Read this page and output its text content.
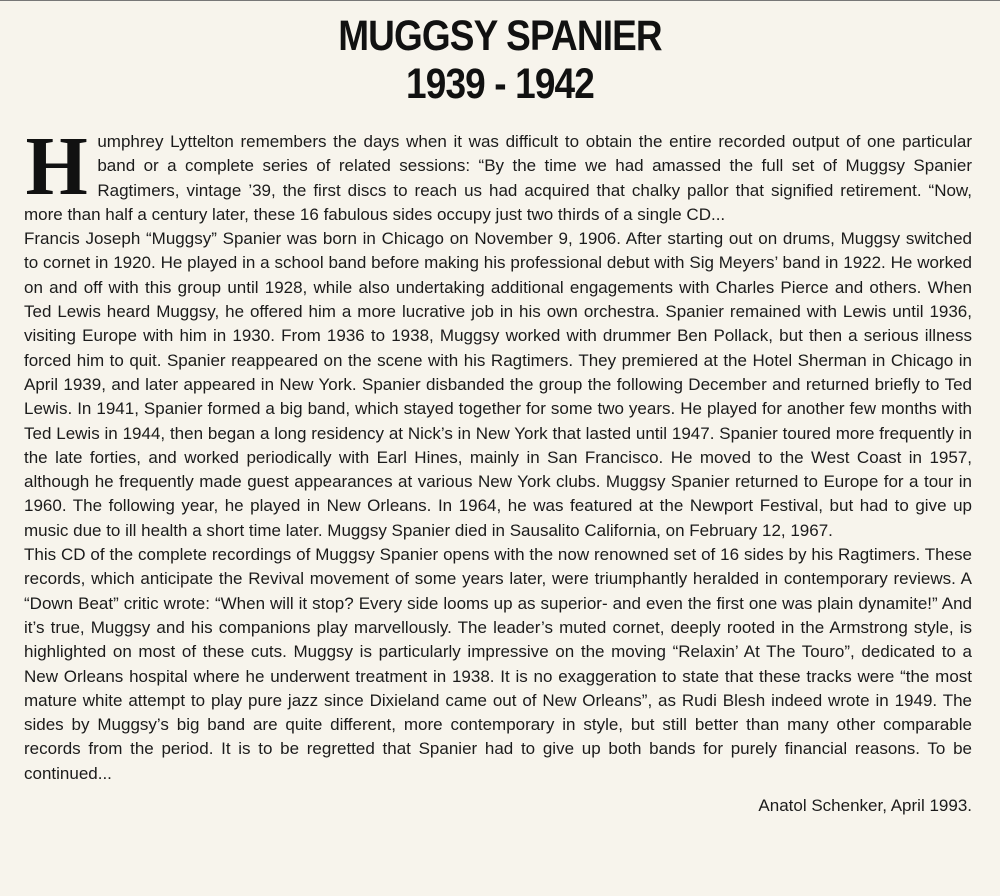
MUGGSY SPANIER
1939 - 1942

Humphrey Lyttelton remembers the days when it was difficult to obtain the entire recorded output of one particular band or a complete series of related sessions: “By the time we had amassed the full set of Muggsy Spanier Ragtimers, vintage ’39, the first discs to reach us had acquired that chalky pallor that signified retirement. “Now, more than half a century later, these 16 fabulous sides occupy just two thirds of a single CD...

Francis Joseph “Muggsy” Spanier was born in Chicago on November 9, 1906. After starting out on drums, Muggsy switched to cornet in 1920. He played in a school band before making his professional debut with Sig Meyers’ band in 1922. He worked on and off with this group until 1928, while also undertaking additional engagements with Charles Pierce and others. When Ted Lewis heard Muggsy, he offered him a more lucrative job in his own orchestra. Spanier remained with Lewis until 1936, visiting Europe with him in 1930. From 1936 to 1938, Muggsy worked with drummer Ben Pollack, but then a serious illness forced him to quit. Spanier reappeared on the scene with his Ragtimers. They premiered at the Hotel Sherman in Chicago in April 1939, and later appeared in New York. Spanier disbanded the group the following December and returned briefly to Ted Lewis. In 1941, Spanier formed a big band, which stayed together for some two years. He played for another few months with Ted Lewis in 1944, then began a long residency at Nick’s in New York that lasted until 1947. Spanier toured more frequently in the late forties, and worked periodically with Earl Hines, mainly in San Francisco. He moved to the West Coast in 1957, although he frequently made guest appearances at various New York clubs. Muggsy Spanier returned to Europe for a tour in 1960. The following year, he played in New Orleans. In 1964, he was featured at the Newport Festival, but had to give up music due to ill health a short time later. Muggsy Spanier died in Sausalito California, on February 12, 1967.

This CD of the complete recordings of Muggsy Spanier opens with the now renowned set of 16 sides by his Ragtimers. These records, which anticipate the Revival movement of some years later, were triumphantly heralded in contemporary reviews. A “Down Beat” critic wrote: “When will it stop? Every side looms up as superior- and even the first one was plain dynamite!” And it’s true, Muggsy and his companions play marvellously. The leader’s muted cornet, deeply rooted in the Armstrong style, is highlighted on most of these cuts. Muggsy is particularly impressive on the moving “Relaxin’ At The Touro”, dedicated to a New Orleans hospital where he underwent treatment in 1938. It is no exaggeration to state that these tracks were “the most mature white attempt to play pure jazz since Dixieland came out of New Orleans”, as Rudi Blesh indeed wrote in 1949. The sides by Muggsy’s big band are quite different, more contemporary in style, but still better than many other comparable records from the period. It is to be regretted that Spanier had to give up both bands for purely financial reasons. To be continued...

Anatol Schenker, April 1993.
